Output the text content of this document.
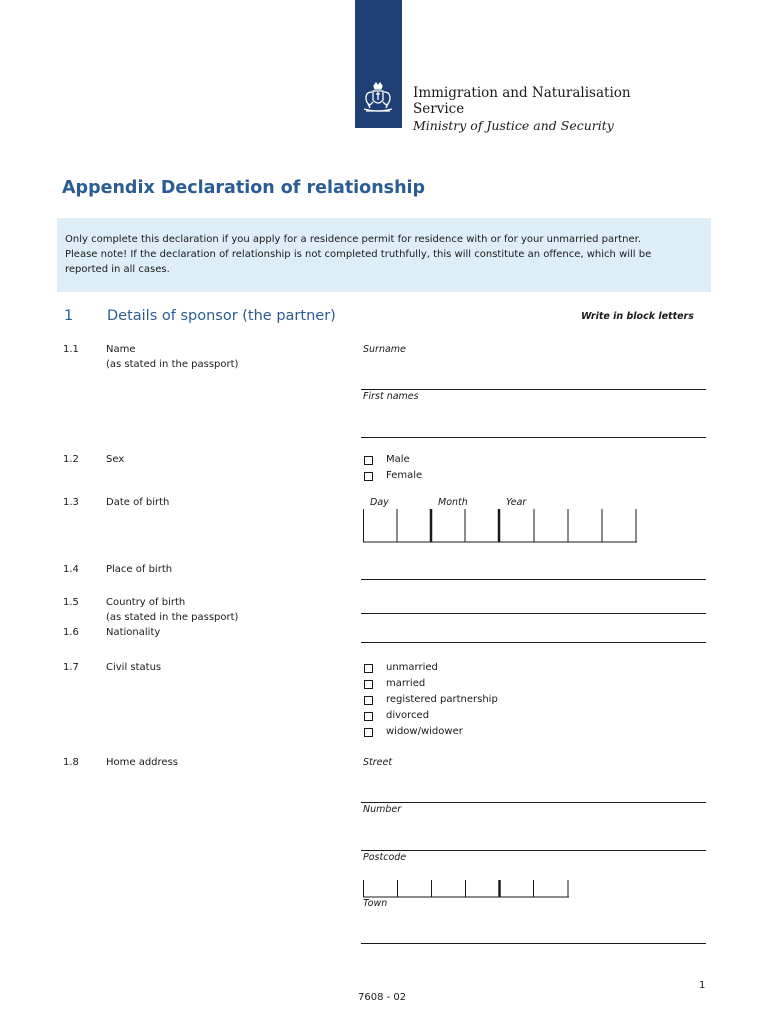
Immigration and Naturalisation
Service
Ministry of Justice and Security
Appendix Declaration of relationship

Only complete this declaration if you apply for a residence permit for residence with or for your unmarried partner.

Please note! If the declaration of relationship is not completed truthfully, this will constitute an offence, which will be

reported in all cases.

1 Details of sponsor (the partner)	Write in block letters
1.1	Name
(as stated in the passport)
Surname
First names
1.2	Sex	Male
Female
1.3	Date of birth	Day	Month	Year
1.4	Place of birth
1.5	Country of birth
(as stated in the passport)
1.6	Nationality
1.7	Civil status	unmarried
married
registered partnership
divorced
widow/widower
1.8	Home address	Street
Number
Postcode
Town
1
7608 - 02
